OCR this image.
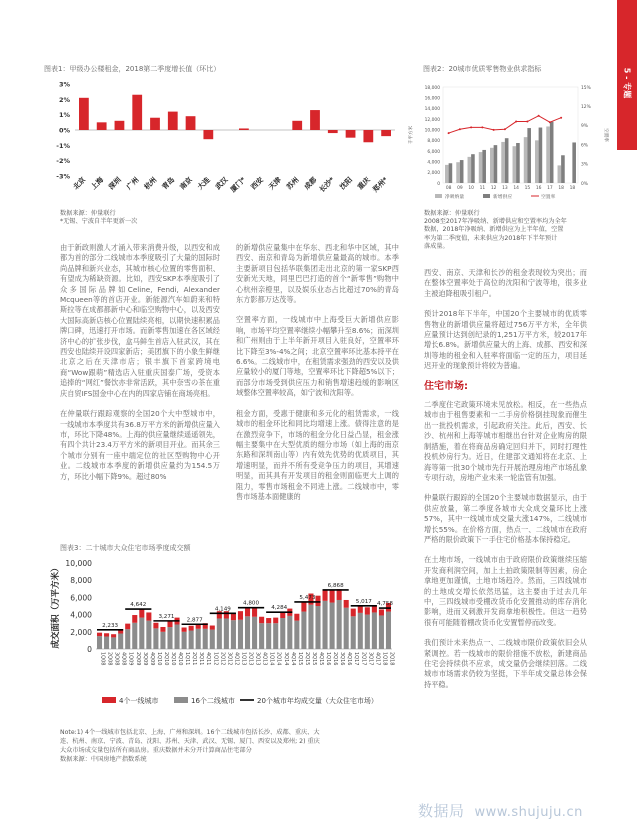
5 - 专题
图表1：甲级办公楼租金，2018第二季度增长值（环比）
-3%
-2%
-1%
0%
1%
2%
3%
北京 上海 深圳 广州 杭州 青岛 南京 大连 武汉 厦门* 西安 天津 苏州 成都 长沙* 沈阳 重庆 郑州*
数据来源：仲量联行
*无锡、宁波自半年更新一次
图表2：20城市优质零售物业供求指标
0
2,000
4,000
6,000
8,000
10,000
12,000
14,000
16,000
18,000
0%
3%
6%
9%
12%
15%
千平方米	空置率
08 09 10 11 12 13 14 15 16 17 18 18
净吸纳量	新增供应	空置率
数据来源：仲量联行
2008至2017年净吸纳、新增供应和空置率均为全年
数据，2018年净吸纳、新增供应为上半年值，空置
率为第二季度值，未来供应为2018年下半年预计
落成量。

由于新政则激人才涌入带来消费升级，以西安和成都为首的部分二线城市本季度吸引了大量的国际时尚品牌和新兴业态，其城市核心位置的零售面积、有望成为稀缺资源。比如，西安SKP本季度吸引了众多国际品牌如Celine, Fendi, Alexander Mcqueen等的首店开业。新能源汽车如蔚来和特斯拉等在成都都新中心和临空购物中心，以及西安大国际高新店核心位置陆续亮相，以期快速积累品牌口碑，迅速打开市场。而新零售加速在各区域经济中心的扩张步伐，盒马鲜生首店入驻武汉，其在西安也陆续开设四家新店；美团旗下的小象生鲜继北京之后在天津市店；银丰旗下首家跨境电商“Wow跟萌”精选店入驻重庆国泰广场，受资本追捧的“网红”餐饮亦非常活跃，其中奈雪の茶在重庆自贸IFS国金中心在内的四家店铺在商场亮相。

在仲量联行跟踪观察的全国20个大中型城市中，一线城市本季度共有36.8万平方米的新增供应量入市，环比下降48%。上海的供应量继续遥遥领先，有四个共计23.4万平方米的新项目开业。而其余三个城市分别有一座中端定位的社区型购物中心开业。二线城市本季度的新增供应量约为154.5万方，环比小幅下降9%。超过80%

的新增供应量集中在华东、西北和华中区域，其中西安、南京和青岛为新增供应量最高的城市。本季主要新项目包括华联集团走出北京的第一家SKP西安新光天地，同里巴巴打造的首个“新零售”购物中心杭州亲橙里，以及娱乐业态占比超过70%的青岛东方影都万达茂等。

空置率方面，一线城市中上海受巨大新增供应影响，市场平均空置率继续小幅攀升至8.6%；而深圳和广州则由于上半年新开项目入驻良好，空置率环比下降至3%-4%之间；北京空置率环比基本持平在6.6%。二线城市中，在租赁需求强劲的西安以及供应量较小的厦门等地，空置率环比下降超5%以下；而部分市场受到供应压力和销售增速趋缓的影响区域整体空置率较高，如宁波和沈阳等。

租金方面，受惠于健康和多元化的租赁需求，一线城市的租金环比和同比均增速上涨。债得注意的是在激烈竞争下，市场的租金分化日益凸显，租金涨幅主要集中在大型优质的细分市场（如上海的南京东路和深圳南山等）内有效先优势的优质项目，其增速明显，而并不所有受竞争压力的项目，其增速明显，而其具有开发项目的租金则面临更大上调的阻力，零售市场租金不同进上涨。二线城市中，零售市场基本面健康的

西安、南京、天津和长沙的租金表现较为突出；而在整体空置率处于高位的沈阳和宁波等地，很多业主被迫降租吸引租户。

预计2018年下半年，中国20个主要城市的优质零售物业的新增供应量将超过756万平方米，全年供应量预计达到创纪录的1,251万平方米，较2017年增长6.8%。新增供应量大的上海、成都、西安和深圳等地的租金和入驻率将面临一定的压力，项目延迟开业的现象预计将较为普遍。

住宅市场:

二季度住宅政策环境未见放松。相反，在一些热点城市由于租售要素和一二手房价格倒挂现象而催生出一批投机需求，引起政府关注。此后，西安、长沙、杭州和上海等城市相继出台针对企业购房的限制措施，着在将商品房确定回归并下，同时打理性投机炒房行为。近日，住建部文通知将在北京、上海等第一批30个城市先行开展治理房地产市场乱象专项行动，房地产业未来一轮监管有加强。

仲量联行跟踪的全国20个主要城市数据显示，由于供应放量，第二季度各城市大众成交量环比上涨57%，其中一线城市成交量大涨147%，二线城市增长55%。在价格方面，热点一、二线城市在政府严格的限价政策下一手住宅价格基本保持稳定。

在土地市场，一线城市由于政府限价政策继续压缩开发商利润空间，加上土拍政策限制等因素，房企拿地更加谨慎，土地市场趋冷。然而，三四线城市的土地成交增长依然迅猛，这主要由于过去几年中，三四线城市受棚改货币化安置推动的库存消化影响，进而又刺激开发商拿地积极性。但这一趋势很有可能随着棚改货币化安置暂停而改变。

我们预计未来热点一、二线城市限价政策依旧会从紧调控。若一线城市的限价措施不放松，新建商品住宅会持续供不应求，成交量仍会继续回落。二线城市市场需求仍较为坚挺，下半年成交量总体会保持平稳。

图表3：二十城市大众住宅市场季度成交额
0
2,000
4,000
6,000
8,000
10,000
成交面积（万平方米）
1Q08 2Q08 3Q08 4Q08 1Q09 2Q09 3Q09 4Q09 1Q10 2Q10 3Q10 4Q10 1Q11 2Q11 3Q11 4Q11 1Q12 2Q12 3Q12 4Q12 1Q13 2Q13 3Q13 4Q13 1Q14 2Q14 3Q14 4Q14 1Q15 2Q15 3Q15 4Q15 1Q16 2Q16 3Q16 4Q16 1Q17 2Q17 3Q17 4Q17 1Q18 2Q18
2,233
4,642
3,271
2,877
4,149
4,800
4,284
5,473
6,868
5,017 4,758
4个一线城市	16个二线城市	20个城市年均成交量（大众住宅市场）
Note:1) 4个一线城市包括北京、上海、广州和深圳。16个二线城市包括长沙、成都、重庆、大
连、杭州、南京、宁波、青岛、沈阳、苏州、天津、武汉、无锡、厦门、西安以及郑州; 2) 重庆
大众市场成交量包括所有商品房。重庆数据并未分开计算商品住宅部分
数据来源：中国房地产指数系统
数据局 www.shujuju.cn
